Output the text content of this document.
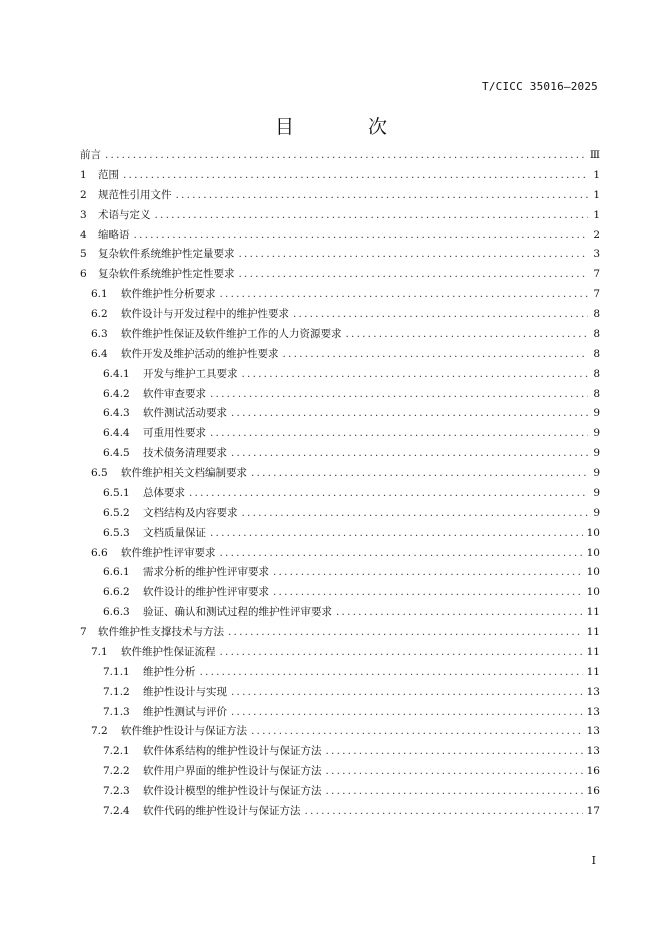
T/CICC 35016—2025
目 次
前言 .....	Ⅲ
1 范围 .....	1
2 规范性引用文件 .....	1
3 术语与定义 .....	1
4 缩略语 .....	2
5 复杂软件系统维护性定量要求 .....	3
6 复杂软件系统维护性定性要求 .....	7
6.1	软件维护性分析要求 .....	7
6.2	软件设计与开发过程中的维护性要求 .....	8
6.3	软件维护性保证及软件维护工作的人力资源要求 .....	8
6.4	软件开发及维护活动的维护性要求 .....	8
6.4.1	开发与维护工具要求 .....	8
6.4.2	软件审查要求 .....	8
6.4.3	软件测试活动要求 .....	9
6.4.4	可重用性要求 .....	9
6.4.5	技术债务清理要求 .....	9
6.5	软件维护相关文档编制要求 .....	9
6.5.1	总体要求 .....	9
6.5.2	文档结构及内容要求 .....	9
6.5.3	文档质量保证 .....	10
6.6	软件维护性评审要求 .....	10
6.6.1	需求分析的维护性评审要求 .....	10
6.6.2	软件设计的维护性评审要求 .....	10
6.6.3	验证、确认和测试过程的维护性评审要求 .....	11
7 软件维护性支撑技术与方法 .....	11
7.1	软件维护性保证流程 .....	11
7.1.1	维护性分析 .....	11
7.1.2	维护性设计与实现 .....	13
7.1.3	维护性测试与评价 .....	13
7.2	软件维护性设计与保证方法 .....	13
7.2.1	软件体系结构的维护性设计与保证方法 .....	13
7.2.2	软件用户界面的维护性设计与保证方法 .....	16
7.2.3	软件设计模型的维护性设计与保证方法 .....	16
7.2.4	软件代码的维护性设计与保证方法 .....	17
I
